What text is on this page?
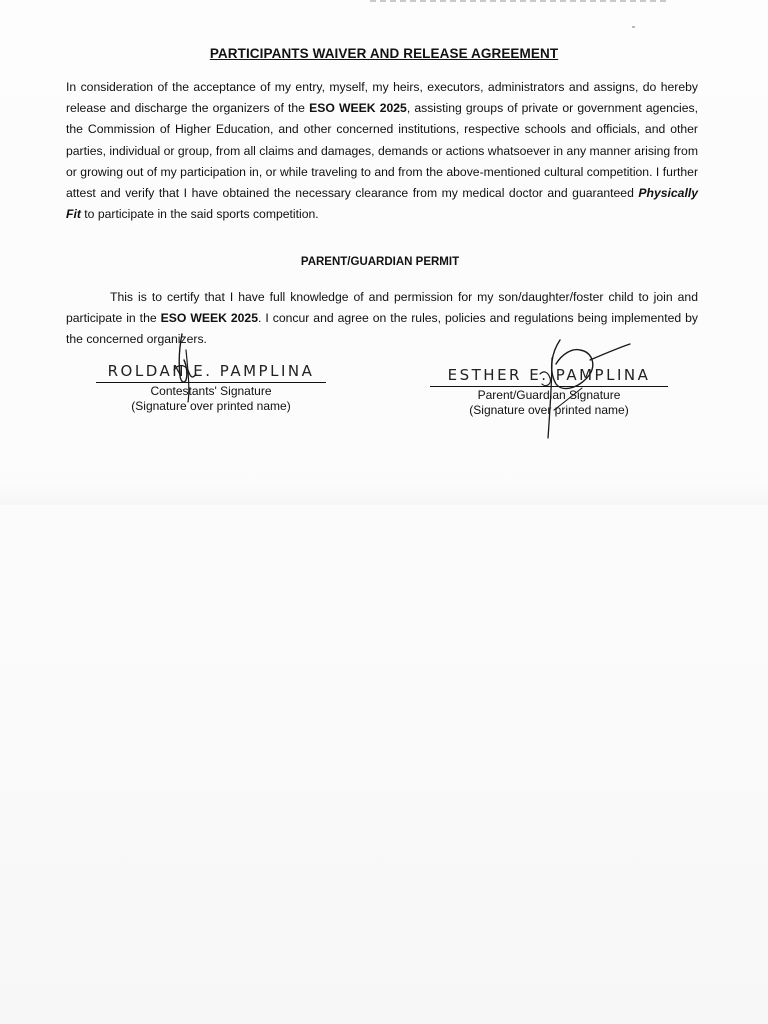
PARTICIPANTS WAIVER AND RELEASE AGREEMENT
In consideration of the acceptance of my entry, myself, my heirs, executors, administrators and assigns, do hereby release and discharge the organizers of the ESO WEEK 2025, assisting groups of private or government agencies, the Commission of Higher Education, and other concerned institutions, respective schools and officials, and other parties, individual or group, from all claims and damages, demands or actions whatsoever in any manner arising from or growing out of my participation in, or while traveling to and from the above-mentioned cultural competition. I further attest and verify that I have obtained the necessary clearance from my medical doctor and guaranteed Physically Fit to participate in the said sports competition.
PARENT/GUARDIAN PERMIT
This is to certify that I have full knowledge of and permission for my son/daughter/foster child to join and participate in the ESO WEEK 2025. I concur and agree on the rules, policies and regulations being implemented by the concerned organizers.
ROLDAN E. PAMPLINA
Contestants' Signature
(Signature over printed name)
ESTHER E. PAMPLINA
Parent/Guardian Signature
(Signature over printed name)
